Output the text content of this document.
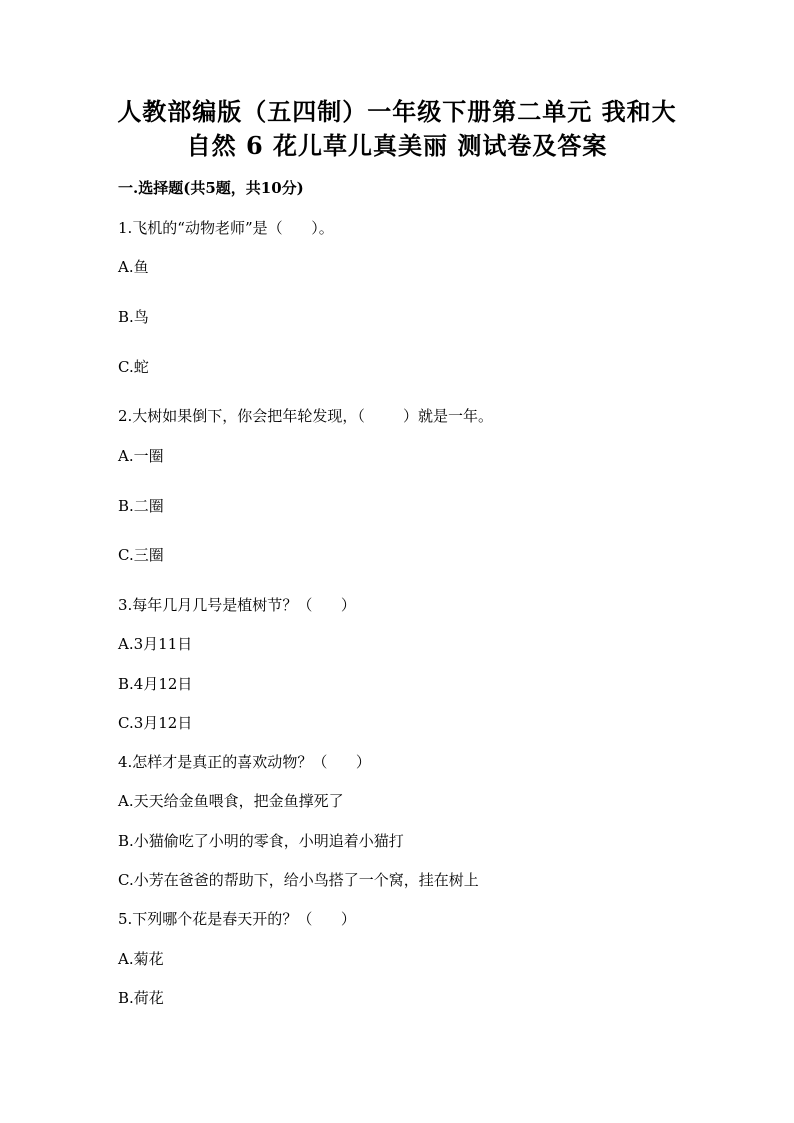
人教部编版（五四制）一年级下册第二单元 我和大
自然 6 花儿草儿真美丽 测试卷及答案
一.选择题(共5题，共10分)
1.飞机的“动物老师”是（      ）。
A.鱼
B.鸟
C.蛇
2.大树如果倒下，你会把年轮发现，（        ）就是一年。
A.一圈
B.二圈
C.三圈
3.每年几月几号是植树节？（      ）
A.3月11日
B.4月12日
C.3月12日
4.怎样才是真正的喜欢动物？（      ）
A.天天给金鱼喂食，把金鱼撑死了
B.小猫偷吃了小明的零食，小明追着小猫打
C.小芳在爸爸的帮助下，给小鸟搭了一个窝，挂在树上
5.下列哪个花是春天开的？（      ）
A.菊花
B.荷花
